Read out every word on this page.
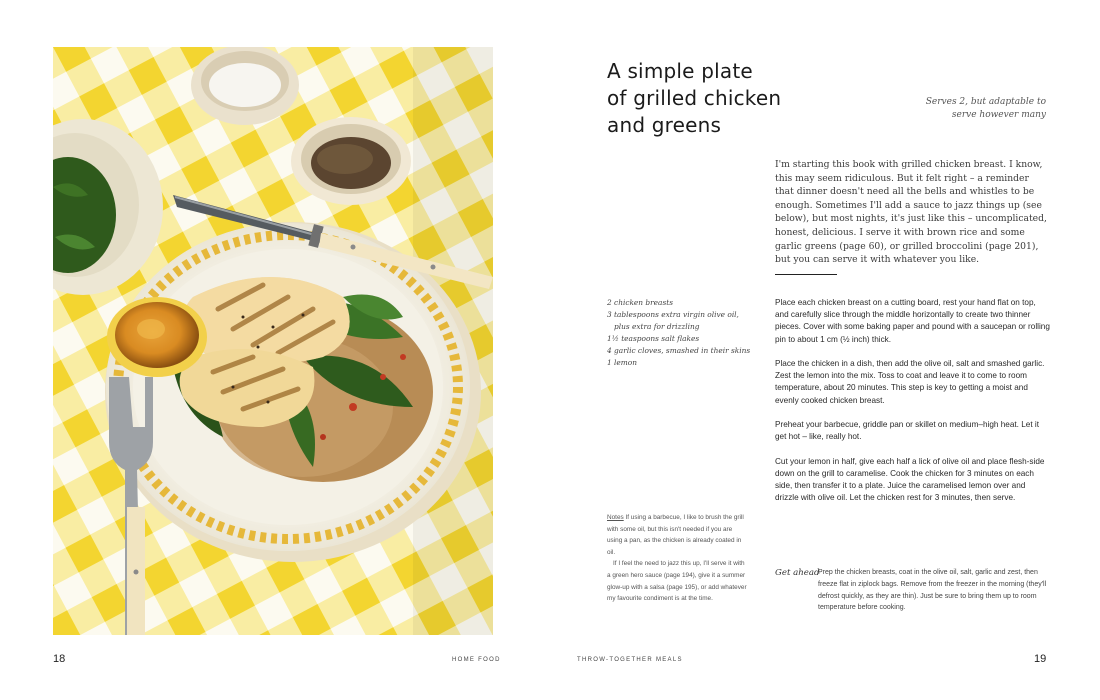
A simple plate
of grilled chicken
and greens
Serves 2, but adaptable to
serve however many

I'm starting this book with grilled chicken breast. I know, this may seem ridiculous. But it felt right – a reminder that dinner doesn't need all the bells and whistles to be enough. Sometimes I'll add a sauce to jazz things up (see below), but most nights, it's just like this – uncomplicated, honest, delicious. I serve it with brown rice and some garlic greens (page 60), or grilled broccolini (page 201), but you can serve it with whatever you like.

2 chicken breasts
3 tablespoons extra virgin olive oil,
plus extra for drizzling
1½ teaspoons salt flakes
4 garlic cloves, smashed in their skins
1 lemon

Place each chicken breast on a cutting board, rest your hand flat on top, and carefully slice through the middle horizontally to create two thinner pieces. Cover with some baking paper and pound with a saucepan or rolling pin to about 1 cm (½ inch) thick.

Place the chicken in a dish, then add the olive oil, salt and smashed garlic. Zest the lemon into the mix. Toss to coat and leave it to come to room temperature, about 20 minutes. This step is key to getting a moist and evenly cooked chicken breast.

Preheat your barbecue, griddle pan or skillet on medium–high heat. Let it get hot – like, really hot.

Cut your lemon in half, give each half a lick of olive oil and place flesh-side down on the grill to caramelise. Cook the chicken for 3 minutes on each side, then transfer it to a plate. Juice the caramelised lemon over and drizzle with olive oil. Let the chicken rest for 3 minutes, then serve.

Notes If using a barbecue, I like to brush the grill with some oil, but this isn't needed if you are using a pan, as the chicken is already coated in oil.

If I feel the need to jazz this up, I'll serve it with a green hero sauce (page 194), give it a summer glow-up with a salsa (page 195), or add whatever my favourite condiment is at the time.

Get ahead

Prep the chicken breasts, coat in the olive oil, salt, garlic and zest, then freeze flat in ziplock bags. Remove from the freezer in the morning (they'll defrost quickly, as they are thin). Just be sure to bring them up to room temperature before cooking.

18	HOME FOOD	THROW-TOGETHER MEALS	19
